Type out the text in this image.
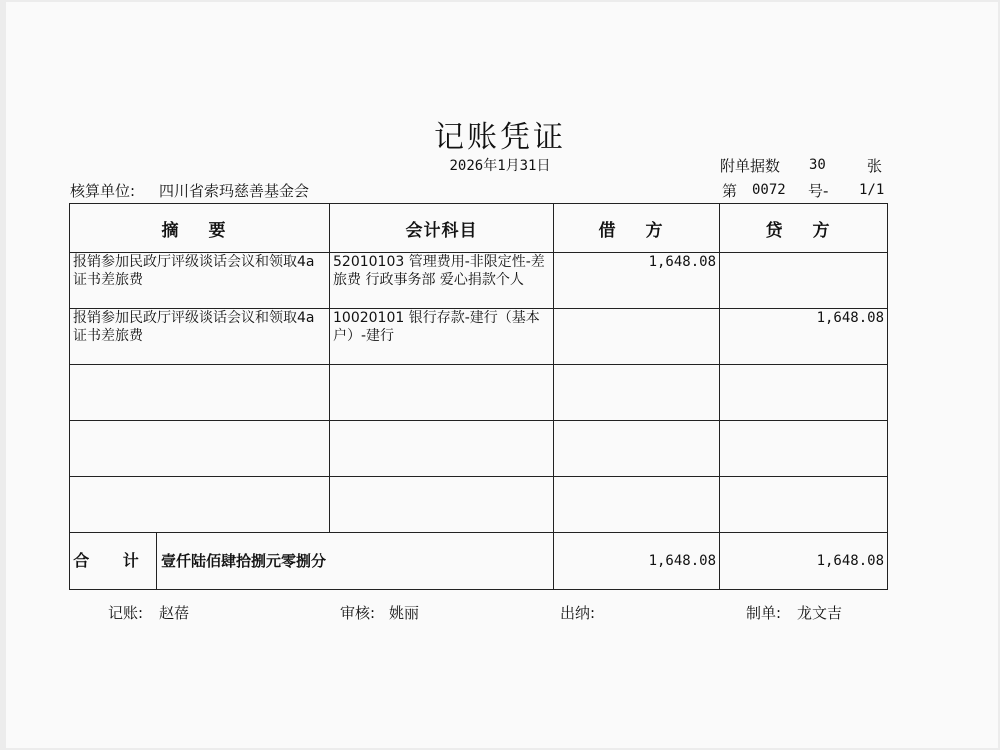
记账凭证
2026年1月31日	附单据数 30	张
核算单位: 四川省索玛慈善基金会	第 0072 号- 1/1
摘 要	会计科目	借 方	贷 方
报销参加民政厅评级谈话会议和领取4a证书差旅费	52010103 管理费用-非限定性-差旅费 行政事务部 爱心捐款个人	1,648.08	
报销参加民政厅评级谈话会议和领取4a证书差旅费	10020101 银行存款-建行（基本户）-建行		1,648.08

合 计 壹仟陆佰肆拾捌元零捌分		1,648.08	1,648.08
记账: 赵蓓	审核: 姚丽	出纳:	制单: 龙文吉
